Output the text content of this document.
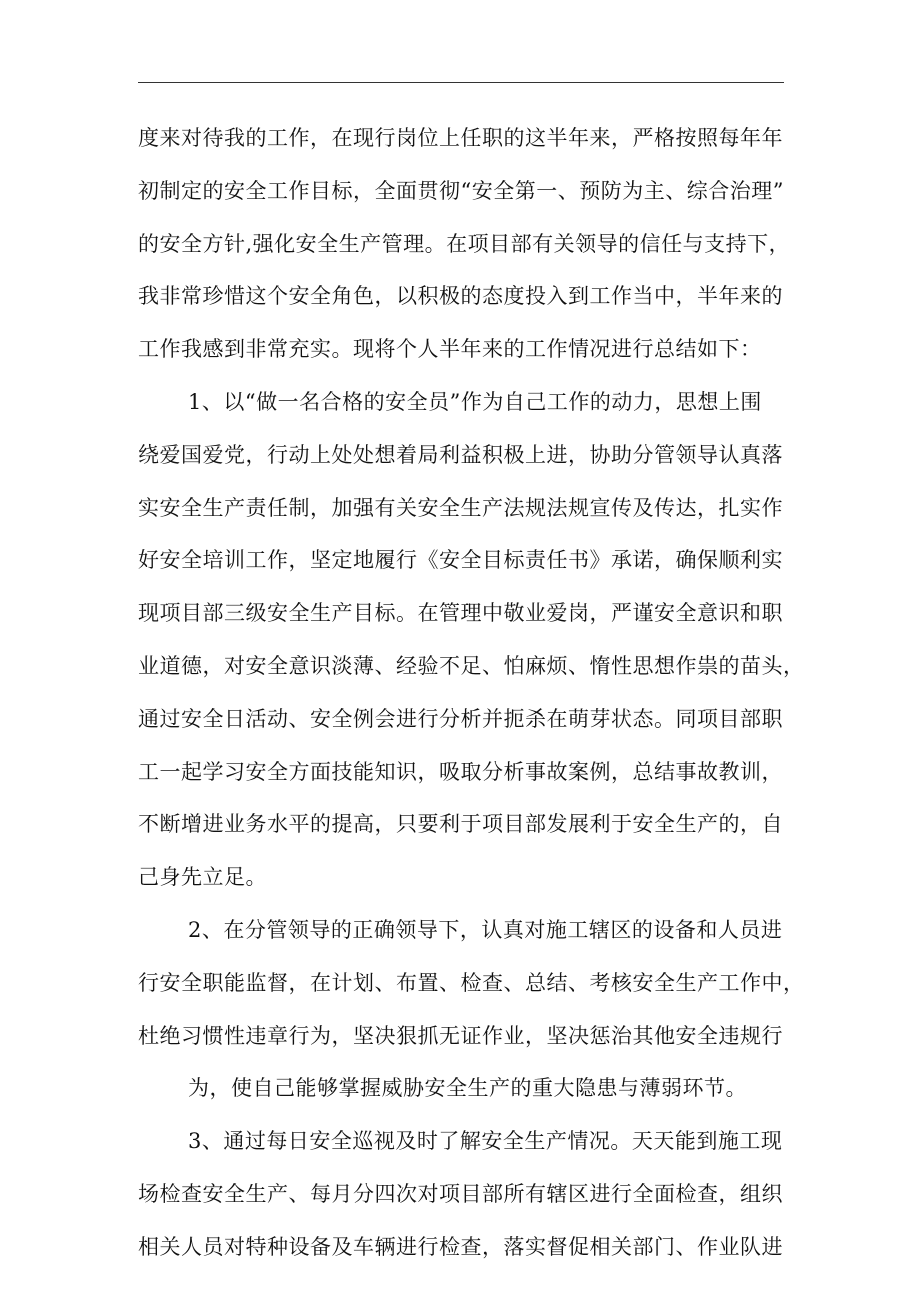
度来对待我的工作，在现行岗位上任职的这半年来，严格按照每年年
初制定的安全工作目标，全面贯彻“安全第一、预防为主、综合治理”
的安全方针,强化安全生产管理。在项目部有关领导的信任与支持下，
我非常珍惜这个安全角色，以积极的态度投入到工作当中，半年来的
工作我感到非常充实。现将个人半年来的工作情况进行总结如下：
1、以“做一名合格的安全员”作为自己工作的动力，思想上围
绕爱国爱党，行动上处处想着局利益积极上进，协助分管领导认真落
实安全生产责任制，加强有关安全生产法规法规宣传及传达，扎实作
好安全培训工作，坚定地履行《安全目标责任书》承诺，确保顺利实
现项目部三级安全生产目标。在管理中敬业爱岗，严谨安全意识和职
业道德，对安全意识淡薄、经验不足、怕麻烦、惰性思想作祟的苗头，
通过安全日活动、安全例会进行分析并扼杀在萌芽状态。同项目部职
工一起学习安全方面技能知识，吸取分析事故案例，总结事故教训，
不断增进业务水平的提高，只要利于项目部发展利于安全生产的，自
己身先立足。
2、在分管领导的正确领导下，认真对施工辖区的设备和人员进
行安全职能监督，在计划、布置、检查、总结、考核安全生产工作中，
杜绝习惯性违章行为，坚决狠抓无证作业，坚决惩治其他安全违规行
为，使自己能够掌握威胁安全生产的重大隐患与薄弱环节。
3、通过每日安全巡视及时了解安全生产情况。天天能到施工现
场检查安全生产、每月分四次对项目部所有辖区进行全面检查，组织
相关人员对特种设备及车辆进行检查，落实督促相关部门、作业队进
